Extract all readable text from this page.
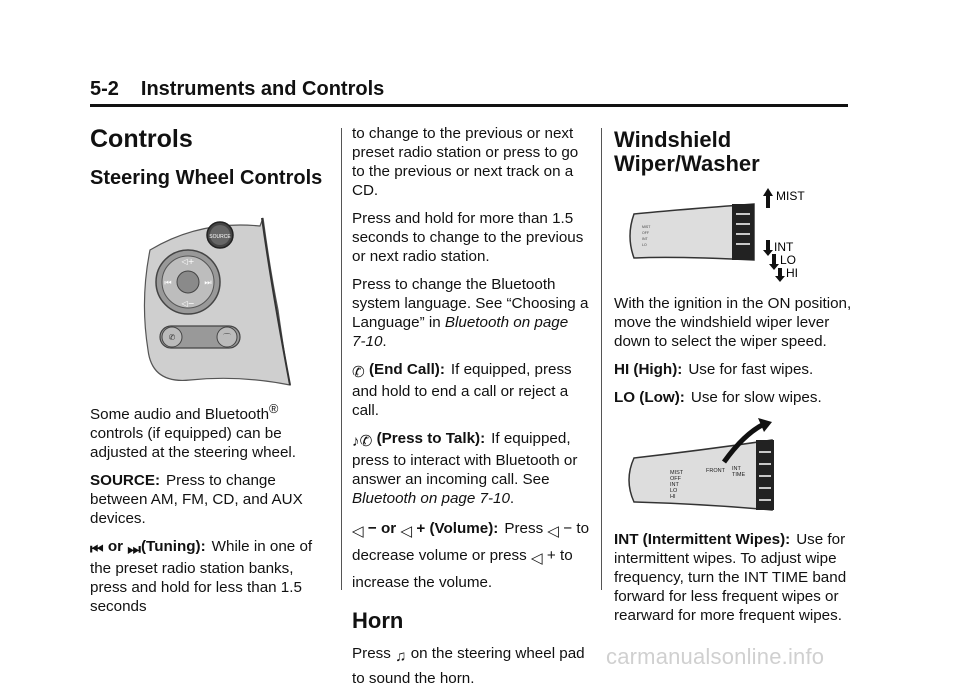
5-2 Instruments and Controls
Controls
Steering Wheel Controls
SOURCE
◁+
◁−
⏮	⏭
✆	⌒

Some audio and Bluetooth® controls (if equipped) can be adjusted at the steering wheel.

SOURCE: Press to change between AM, FM, CD, and AUX devices.

⏮ or ⏭(Tuning): While in one of the preset radio station banks, press and hold for less than 1.5 seconds

to change to the previous or next preset radio station or press to go to the previous or next track on a CD.

Press and hold for more than 1.5 seconds to change to the previous or next radio station.

Press to change the Bluetooth system language. See “Choosing a Language” in Bluetooth on page 7‑10.

✆ (End Call): If equipped, press and hold to end a call or reject a call.

♪✆ (Press to Talk): If equipped, press to interact with Bluetooth or answer an incoming call. See Bluetooth on page 7‑10.

◁ − or ◁ + (Volume): Press ◁ − to decrease volume or press ◁ + to increase the volume.

Horn

Press ♫ on the steering wheel pad to sound the horn.

Windshield Wiper/Washer
MIST
OFF
INT
LO
MIST
INT
LO
HI

With the ignition in the ON position, move the windshield wiper lever down to select the wiper speed.

HI (High): Use for fast wipes.

LO (Low): Use for slow wipes.

MIST
OFF
INT
LO
HI
FRONT INT
TIME

INT (Intermittent Wipes): Use for intermittent wipes. To adjust wipe frequency, turn the INT TIME band forward for less frequent wipes or rearward for more frequent wipes.

carmanualsonline.info
